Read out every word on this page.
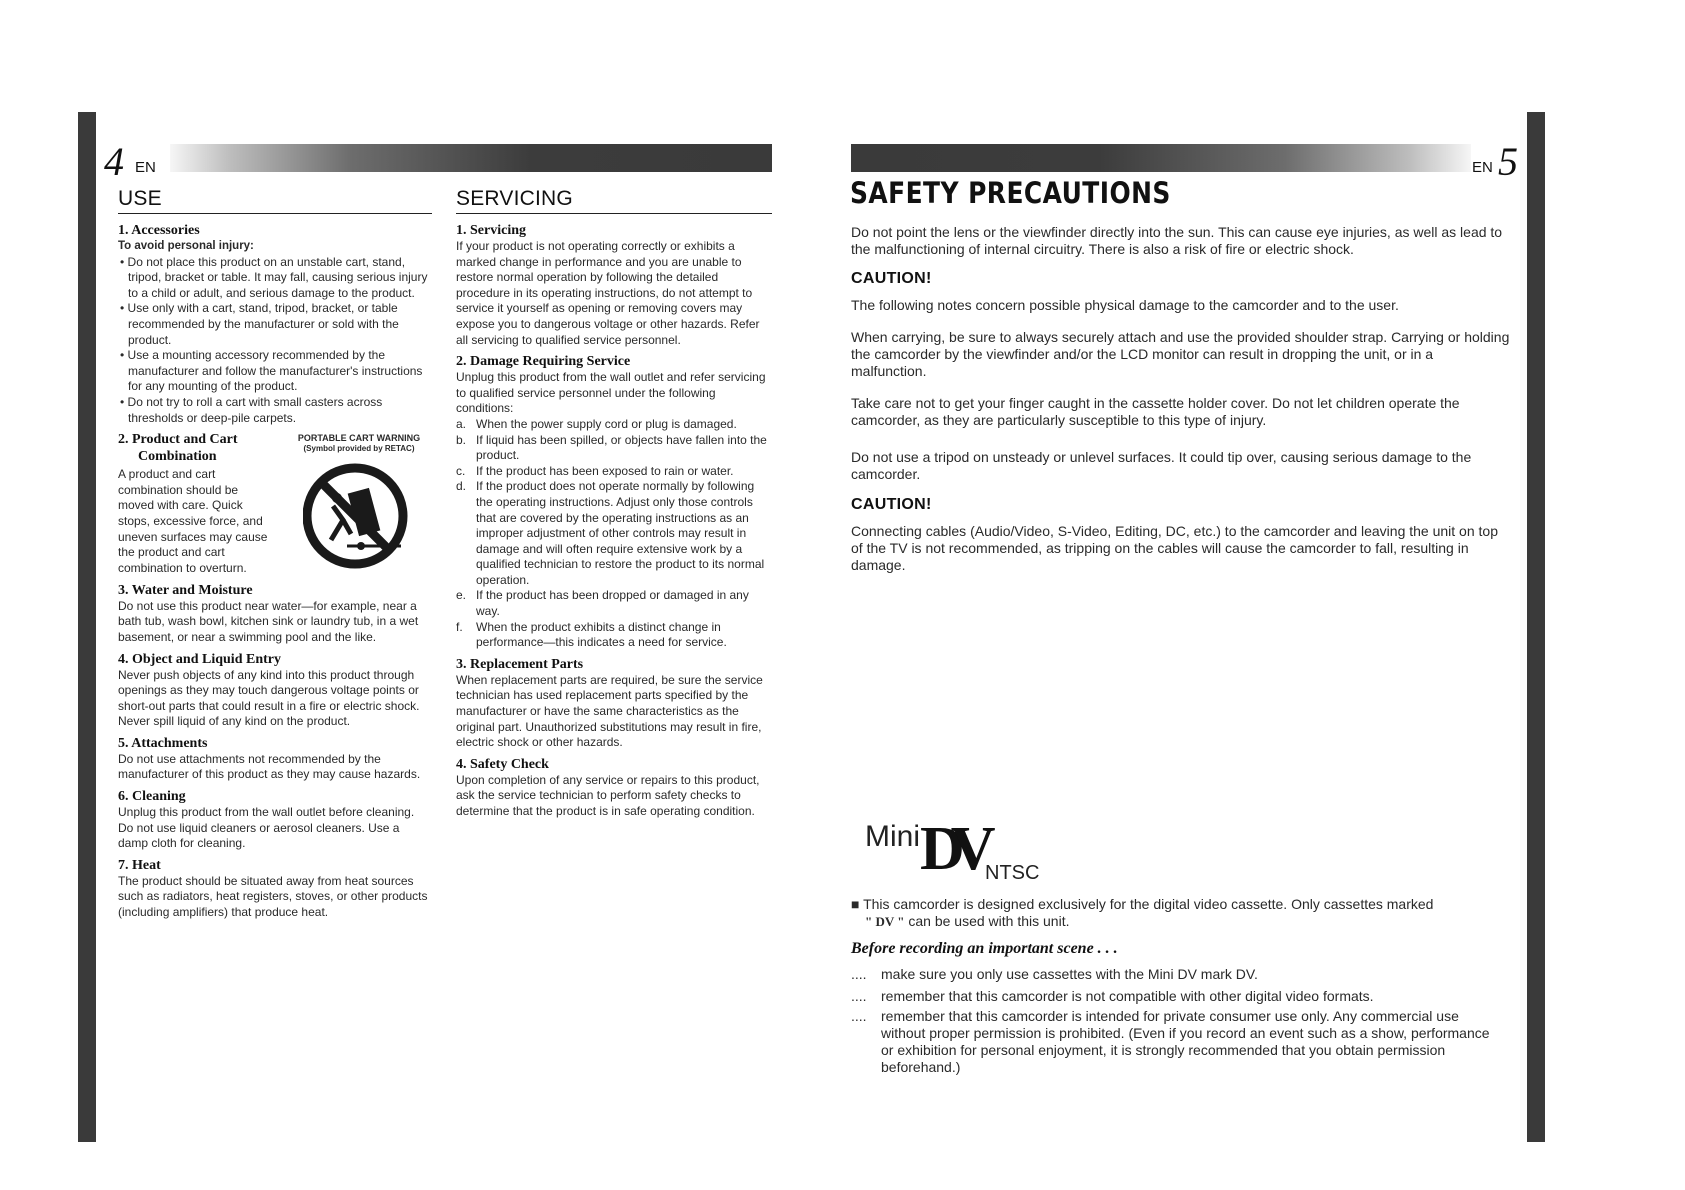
4 EN
USE
1. Accessories
To avoid personal injury:

• Do not place this product on an unstable cart, stand, tripod, bracket or table. It may fall, causing serious injury to a child or adult, and serious damage to the product.

• Use only with a cart, stand, tripod, bracket, or table recommended by the manufacturer or sold with the product.

• Use a mounting accessory recommended by the manufacturer and follow the manufacturer's instructions for any mounting of the product.

• Do not try to roll a cart with small casters across thresholds or deep-pile carpets.

2. Product and Cart
Combination

A product and cart combination should be moved with care. Quick stops, excessive force, and uneven surfaces may cause the product and cart combination to overturn.

PORTABLE CART WARNING
(Symbol provided by RETAC)
3. Water and Moisture

Do not use this product near water—for example, near a bath tub, wash bowl, kitchen sink or laundry tub, in a wet basement, or near a swimming pool and the like.

4. Object and Liquid Entry

Never push objects of any kind into this product through openings as they may touch dangerous voltage points or short-out parts that could result in a fire or electric shock. Never spill liquid of any kind on the product.

5. Attachments

Do not use attachments not recommended by the manufacturer of this product as they may cause hazards.

6. Cleaning

Unplug this product from the wall outlet before cleaning. Do not use liquid cleaners or aerosol cleaners. Use a damp cloth for cleaning.

7. Heat

The product should be situated away from heat sources such as radiators, heat registers, stoves, or other products (including amplifiers) that produce heat.

SERVICING
1. Servicing

If your product is not operating correctly or exhibits a marked change in performance and you are unable to restore normal operation by following the detailed procedure in its operating instructions, do not attempt to service it yourself as opening or removing covers may expose you to dangerous voltage or other hazards. Refer all servicing to qualified service personnel.

2. Damage Requiring Service

Unplug this product from the wall outlet and refer servicing to qualified service personnel under the following conditions:

a. When the power supply cord or plug is damaged.
b. If liquid has been spilled, or objects have fallen into the product.
c. If the product has been exposed to rain or water.
d. If the product does not operate normally by following the operating instructions. Adjust only those controls that are covered by the operating instructions as an improper adjustment of other controls may result in damage and will often require extensive work by a qualified technician to restore the product to its normal operation.
e. If the product has been dropped or damaged in any way.
f.	When the product exhibits a distinct change in performance—this indicates a need for service.
3. Replacement Parts

When replacement parts are required, be sure the service technician has used replacement parts specified by the manufacturer or have the same characteristics as the original part. Unauthorized substitutions may result in fire, electric shock or other hazards.

4. Safety Check

Upon completion of any service or repairs to this product, ask the service technician to perform safety checks to determine that the product is in safe operating condition.

EN 5
SAFETY PRECAUTIONS

Do not point the lens or the viewfinder directly into the sun. This can cause eye injuries, as well as lead to the malfunctioning of internal circuitry. There is also a risk of fire or electric shock.

CAUTION!

The following notes concern possible physical damage to the camcorder and to the user.

When carrying, be sure to always securely attach and use the provided shoulder strap. Carrying or holding the camcorder by the viewfinder and/or the LCD monitor can result in dropping the unit, or in a malfunction.

Take care not to get your finger caught in the cassette holder cover. Do not let children operate the camcorder, as they are particularly susceptible to this type of injury.

Do not use a tripod on unsteady or unlevel surfaces. It could tip over, causing serious damage to the camcorder.

CAUTION!

Connecting cables (Audio/Video, S-Video, Editing, DC, etc.) to the camcorder and leaving the unit on top of the TV is not recommended, as tripping on the cables will cause the camcorder to fall, resulting in damage.

Mini DV NTSC

■ This camcorder is designed exclusively for the digital video cassette. Only cassettes marked
" DV " can be used with this unit.

Before recording an important scene . . .
....	make sure you only use cassettes with the Mini DV mark DV.
....	remember that this camcorder is not compatible with other digital video formats.
....	remember that this camcorder is intended for private consumer use only. Any commercial use without proper permission is prohibited. (Even if you record an event such as a show, performance or exhibition for personal enjoyment, it is strongly recommended that you obtain permission beforehand.)
